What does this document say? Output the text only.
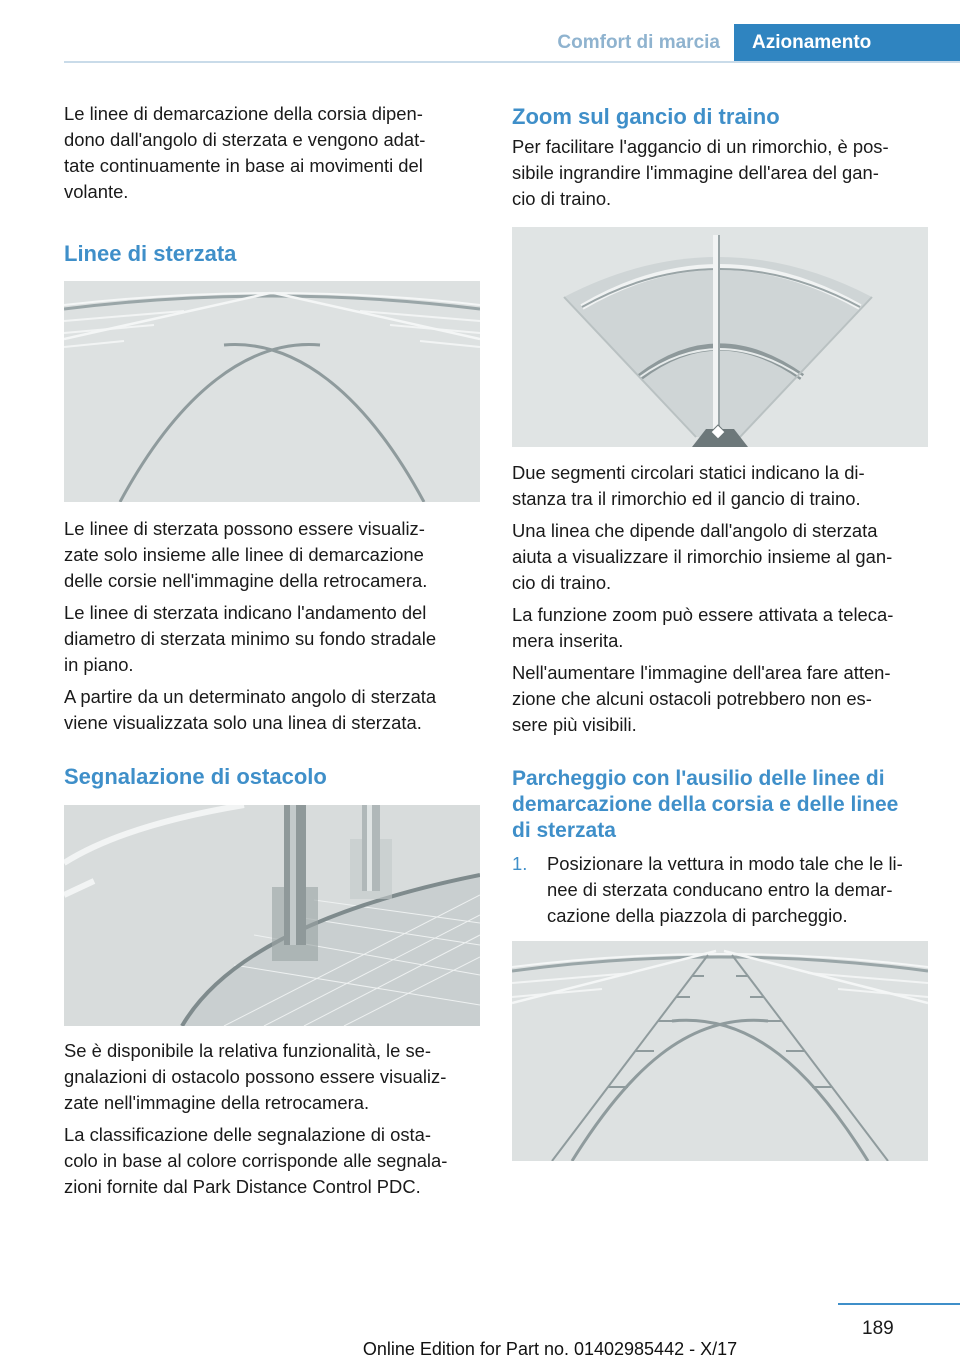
Comfort di marcia	Azionamento

Le linee di demarcazione della corsia dipen-
dono dall'angolo di sterzata e vengono adat-
tate continuamente in base ai movimenti del
volante.

Linee di sterzata

Le linee di sterzata possono essere visualiz-
zate solo insieme alle linee di demarcazione
delle corsie nell'immagine della retrocamera.

Le linee di sterzata indicano l'andamento del
diametro di sterzata minimo su fondo stradale
in piano.

A partire da un determinato angolo di sterzata
viene visualizzata solo una linea di sterzata.

Segnalazione di ostacolo

Se è disponibile la relativa funzionalità, le se-
gnalazioni di ostacolo possono essere visualiz-
zate nell'immagine della retrocamera.

La classificazione delle segnalazione di osta-
colo in base al colore corrisponde alle segnala-
zioni fornite dal Park Distance Control PDC.

Zoom sul gancio di traino

Per facilitare l'aggancio di un rimorchio, è pos-
sibile ingrandire l'immagine dell'area del gan-
cio di traino.

Due segmenti circolari statici indicano la di-
stanza tra il rimorchio ed il gancio di traino.

Una linea che dipende dall'angolo di sterzata
aiuta a visualizzare il rimorchio insieme al gan-
cio di traino.

La funzione zoom può essere attivata a teleca-
mera inserita.

Nell'aumentare l'immagine dell'area fare atten-
zione che alcuni ostacoli potrebbero non es-
sere più visibili.

Parcheggio con l'ausilio delle linee di
demarcazione della corsia e delle linee
di sterzata
1. Posizionare la vettura in modo tale che le li-
nee di sterzata conducano entro la demar-
cazione della piazzola di parcheggio.

189
Online Edition for Part no. 01402985442 - X/17
